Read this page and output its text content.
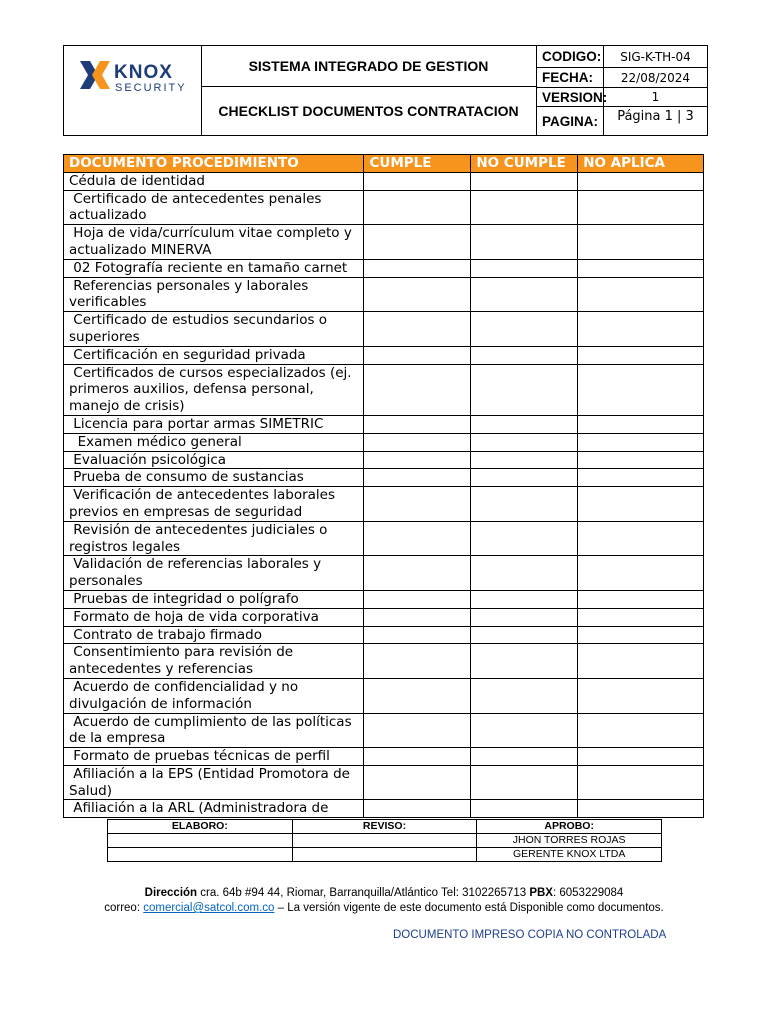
KNOX
SECURITY
SISTEMA INTEGRADO DE GESTION
CHECKLIST DOCUMENTOS CONTRATACION
CODIGO:	SIG-K-TH-04
FECHA:	22/08/2024
VERSION:	1
PAGINA:	Página 1 | 3
DOCUMENTO PROCEDIMIENTO	CUMPLE	NO CUMPLE	NO APLICA
Cédula de identidad			
Certificado de antecedentes penales actualizado			
Hoja de vida/currículum vitae completo y actualizado MINERVA			
02 Fotografía reciente en tamaño carnet			
Referencias personales y laborales verificables			
Certificado de estudios secundarios o superiores			
Certificación en seguridad privada			
Certificados de cursos especializados (ej. primeros auxilios, defensa personal, manejo de crisis)			
Licencia para portar armas SIMETRIC			
Examen médico general			
Evaluación psicológica			
Prueba de consumo de sustancias			
Verificación de antecedentes laborales previos en empresas de seguridad			
Revisión de antecedentes judiciales o registros legales			
Validación de referencias laborales y personales			
Pruebas de integridad o polígrafo			
Formato de hoja de vida corporativa			
Contrato de trabajo firmado			
Consentimiento para revisión de antecedentes y referencias			
Acuerdo de confidencialidad y no divulgación de información			
Acuerdo de cumplimiento de las políticas de la empresa			
Formato de pruebas técnicas de perfil			
Afiliación a la EPS (Entidad Promotora de Salud)			
Afiliación a la ARL (Administradora de			
ELABORO:	REVISO:	APROBO:
		JHON TORRES ROJAS
		GERENTE KNOX LTDA
Dirección cra. 64b #94 44, Riomar, Barranquilla/Atlántico Tel: 3102265713 PBX: 6053229084
correo: comercial@satcol.com.co – La versión vigente de este documento está Disponible como documentos.
DOCUMENTO IMPRESO COPIA NO CONTROLADA
